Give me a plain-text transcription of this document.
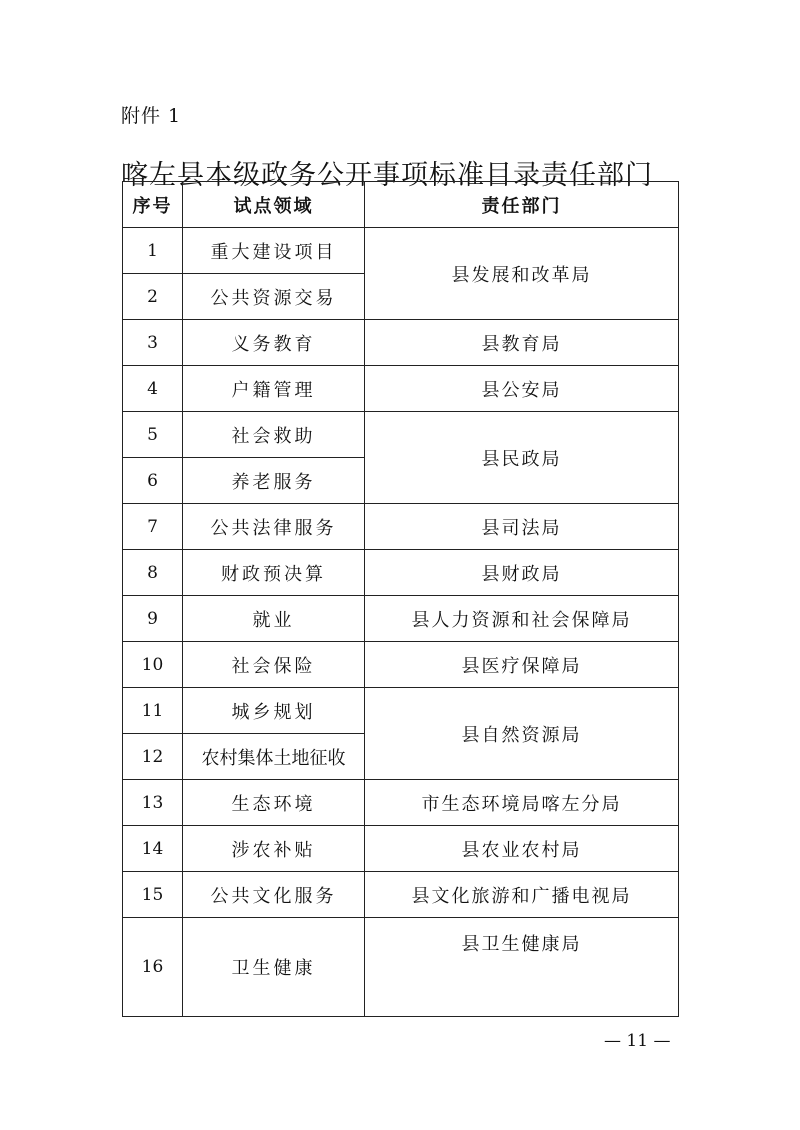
附件 1
喀左县本级政务公开事项标准目录责任部门
序号	试点领域	责任部门
1	重大建设项目	县发展和改革局
2	公共资源交易	
3	义务教育	县教育局
4	户籍管理	县公安局
5	社会救助	县民政局
6	养老服务	
7	公共法律服务	县司法局
8	财政预决算	县财政局
9	就业	县人力资源和社会保障局
10	社会保险	县医疗保障局
11	城乡规划	县自然资源局
12	农村集体土地征收	
13	生态环境	市生态环境局喀左分局
14	涉农补贴	县农业农村局
15	公共文化服务	县文化旅游和广播电视局
16	卫生健康	县卫生健康局
— 11 —
